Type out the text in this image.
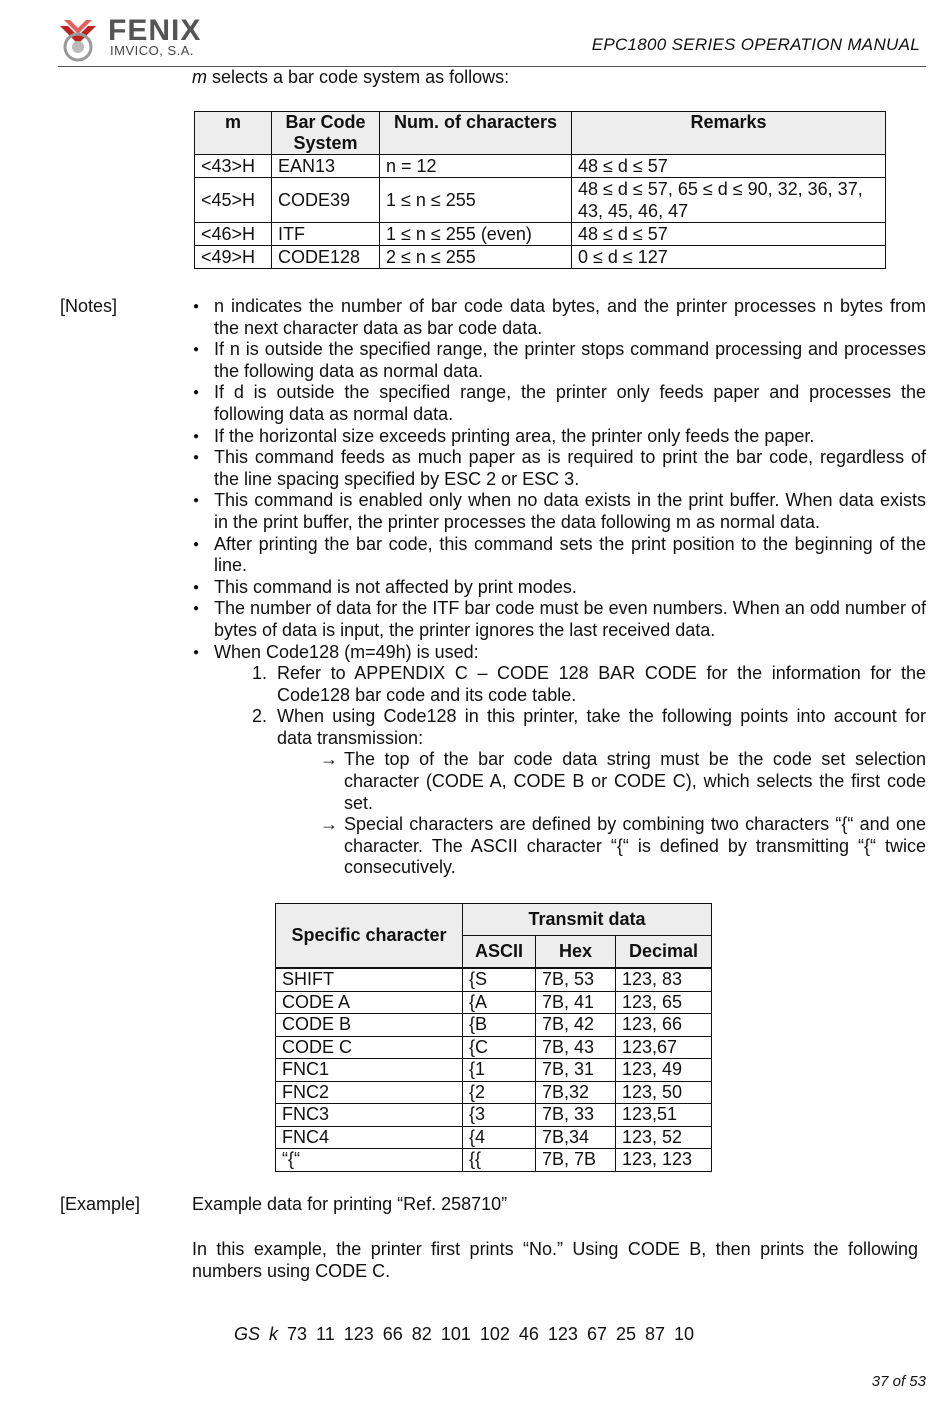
FENIX
IMVICO, S.A.	EPC1800 SERIES OPERATION MANUAL
m selects a bar code system as follows:
m	Bar Code System	Num. of characters	Remarks
<43>H	EAN13	n = 12	48 ≤ d ≤ 57
<45>H	CODE39	1 ≤ n ≤ 255	48 ≤ d ≤ 57, 65 ≤ d ≤ 90, 32, 36, 37, 43, 45, 46, 47
<46>H	ITF	1 ≤ n ≤ 255 (even)	48 ≤ d ≤ 57
<49>H	CODE128	2 ≤ n ≤ 255	0 ≤ d ≤ 127
[Notes]	● n indicates the number of bar code data bytes, and the printer processes n bytes from the next character data as bar code data.
● If n is outside the specified range, the printer stops command processing and processes the following data as normal data.
● If d is outside the specified range, the printer only feeds paper and processes the following data as normal data.
● If the horizontal size exceeds printing area, the printer only feeds the paper.
● This command feeds as much paper as is required to print the bar code, regardless of the line spacing specified by ESC 2 or ESC 3.
● This command is enabled only when no data exists in the print buffer. When data exists in the print buffer, the printer processes the data following m as normal data.
● After printing the bar code, this command sets the print position to the beginning of the line.
● This command is not affected by print modes.
● The number of data for the ITF bar code must be even numbers. When an odd number of bytes of data is input, the printer ignores the last received data.
● When Code128 (m=49h) is used:
1. Refer to APPENDIX C – CODE 128 BAR CODE for the information for the Code128 bar code and its code table.
2. When using Code128 in this printer, take the following points into account for data transmission:
→ The top of the bar code data string must be the code set selection character (CODE A, CODE B or CODE C), which selects the first code set.
→ Special characters are defined by combining two characters “{“ and one character. The ASCII character “{“ is defined by transmitting “{“ twice consecutively.
Specific character	Transmit data		
	ASCII	Hex	Decimal
SHIFT	{S	7B, 53	123, 83
CODE A	{A	7B, 41	123, 65
CODE B	{B	7B, 42	123, 66
CODE C	{C	7B, 43	123,67
FNC1	{1	7B, 31	123, 49
FNC2	{2	7B,32	123, 50
FNC3	{3	7B, 33	123,51
FNC4	{4	7B,34	123, 52
“{“	{{	7B, 7B	123, 123
[Example]	Example data for printing “Ref. 258710”
In this example, the printer first prints “No.” Using CODE B, then prints the following numbers using CODE C.
GS k 73 11 123 66 82 101 102 46 123 67 25 87 10
37 of 53
